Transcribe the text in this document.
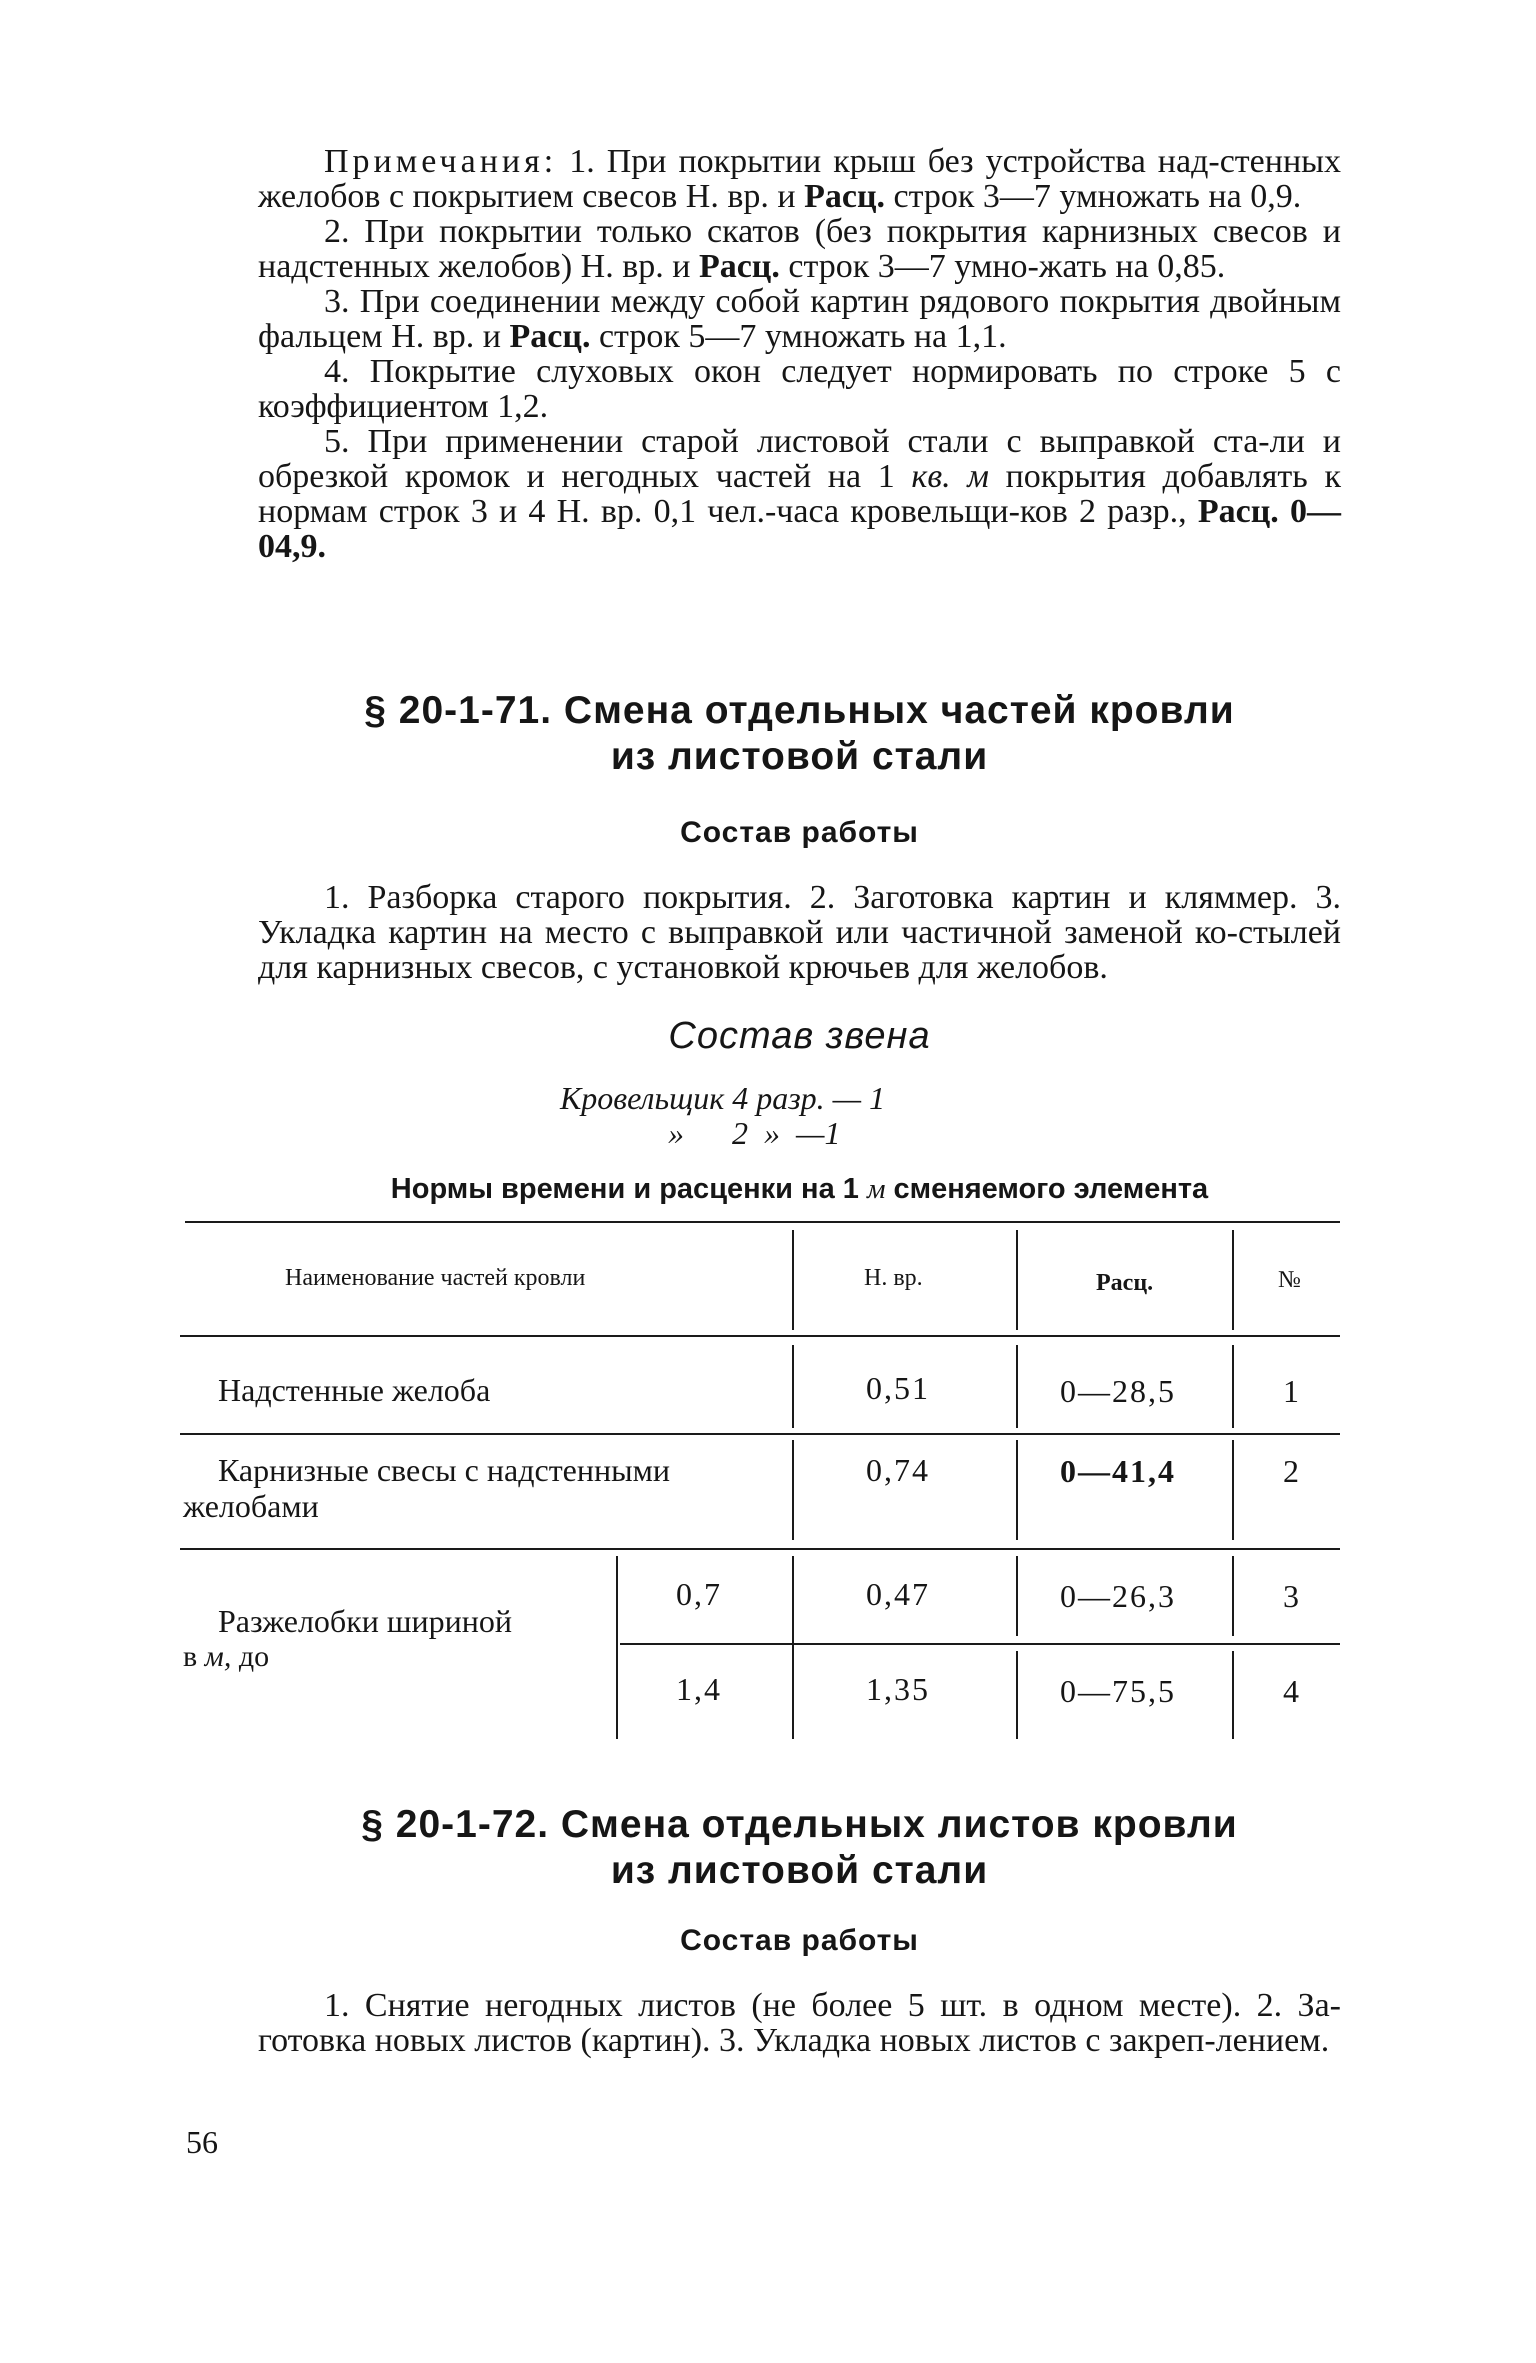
Примечания: 1. При покрытии крыш без устройства над-стенных желобов с покрытием свесов Н. вр. и Расц. строк 3—7 умножать на 0,9.

2. При покрытии только скатов (без покрытия карнизных свесов и надстенных желобов) Н. вр. и Расц. строк 3—7 умно-жать на 0,85.

3. При соединении между собой картин рядового покрытия двойным фальцем Н. вр. и Расц. строк 5—7 умножать на 1,1.

4. Покрытие слуховых окон следует нормировать по строке 5 с коэффициентом 1,2.

5. При применении старой листовой стали с выправкой ста-ли и обрезкой кромок и негодных частей на 1 кв. м покрытия добавлять к нормам строк 3 и 4 Н. вр. 0,1 чел.-часа кровельщи-ков 2 разр., Расц. 0—04,9.

§ 20-1-71. Смена отдельных частей кровли
из листовой стали
Состав работы

1. Разборка старого покрытия. 2. Заготовка картин и кляммер. 3. Укладка картин на место с выправкой или частичной заменой ко-стылей для карнизных свесов, с установкой крючьев для желобов.

Состав звена
Кровельщик 4 разр. — 1
» 2 » —1
Нормы времени и расценки на 1 м сменяемого элемента
Наименование частей кровли	Н. вр.	Расц.	№
Надстенные желоба	0,51	0—28,5	1
Карнизные свесы с надстенными
желобами
0,74	0—41,4	2
Разжелобки шириной
в м, до
0,7	0,47	0—26,3	3
1,4	1,35	0—75,5	4
§ 20-1-72. Смена отдельных листов кровли
из листовой стали
Состав работы

1. Снятие негодных листов (не более 5 шт. в одном месте). 2. За-готовка новых листов (картин). 3. Укладка новых листов с закреп-лением.

56
